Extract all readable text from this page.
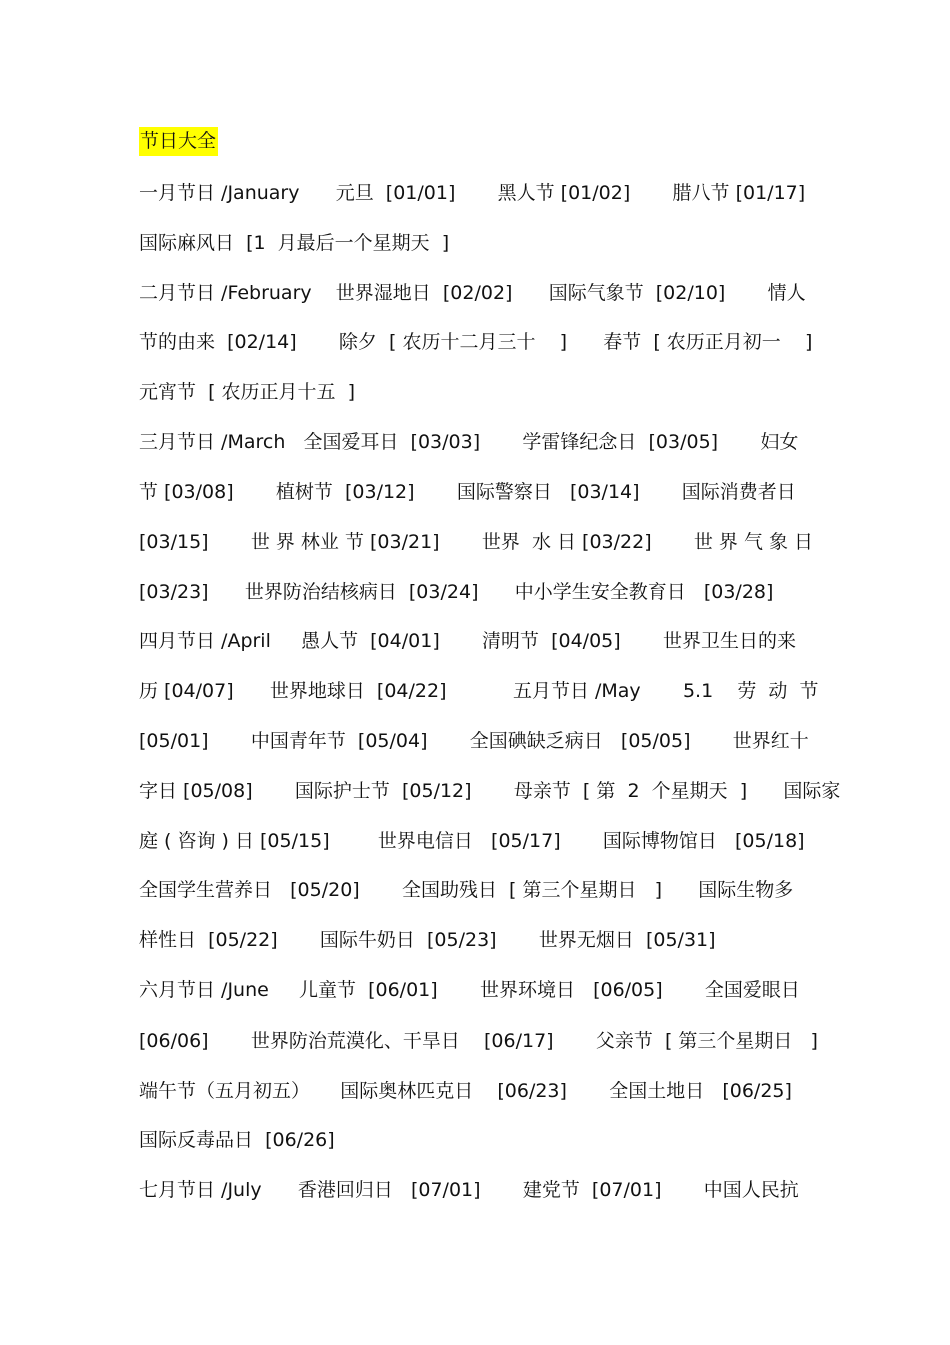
节日大全
一月节日 /January      元旦  [01/01]       黑人节 [01/02]       腊八节 [01/17]
国际麻风日  [1  月最后一个星期天  ]
二月节日 /February    世界湿地日  [02/02]      国际气象节  [02/10]       情人
节的由来  [02/14]       除夕  [ 农历十二月三十    ]      春节  [ 农历正月初一    ]
元宵节  [ 农历正月十五  ]
三月节日 /March   全国爱耳日  [03/03]       学雷锋纪念日  [03/05]       妇女
节 [03/08]       植树节  [03/12]       国际警察日   [03/14]       国际消费者日
[03/15]       世 界 林业 节 [03/21]       世界  水 日 [03/22]       世 界 气 象 日
[03/23]      世界防治结核病日  [03/24]      中小学生安全教育日   [03/28]
四月节日 /April     愚人节  [04/01]       清明节  [04/05]       世界卫生日的来
历 [04/07]      世界地球日  [04/22]           五月节日 /May       5.1    劳  动  节
[05/01]       中国青年节  [05/04]       全国碘缺乏病日   [05/05]       世界红十
字日 [05/08]       国际护士节  [05/12]       母亲节  [ 第  2  个星期天  ]      国际家
庭 ( 咨询 ) 日 [05/15]        世界电信日   [05/17]       国际博物馆日   [05/18]
全国学生营养日   [05/20]       全国助残日  [ 第三个星期日   ]      国际生物多
样性日  [05/22]       国际牛奶日  [05/23]       世界无烟日  [05/31]
六月节日 /June     儿童节  [06/01]       世界环境日   [06/05]       全国爱眼日
[06/06]       世界防治荒漠化、干旱日    [06/17]       父亲节  [ 第三个星期日   ]
端午节（五月初五）     国际奥林匹克日    [06/23]       全国土地日   [06/25]
国际反毒品日  [06/26]
七月节日 /July      香港回归日   [07/01]       建党节  [07/01]       中国人民抗
